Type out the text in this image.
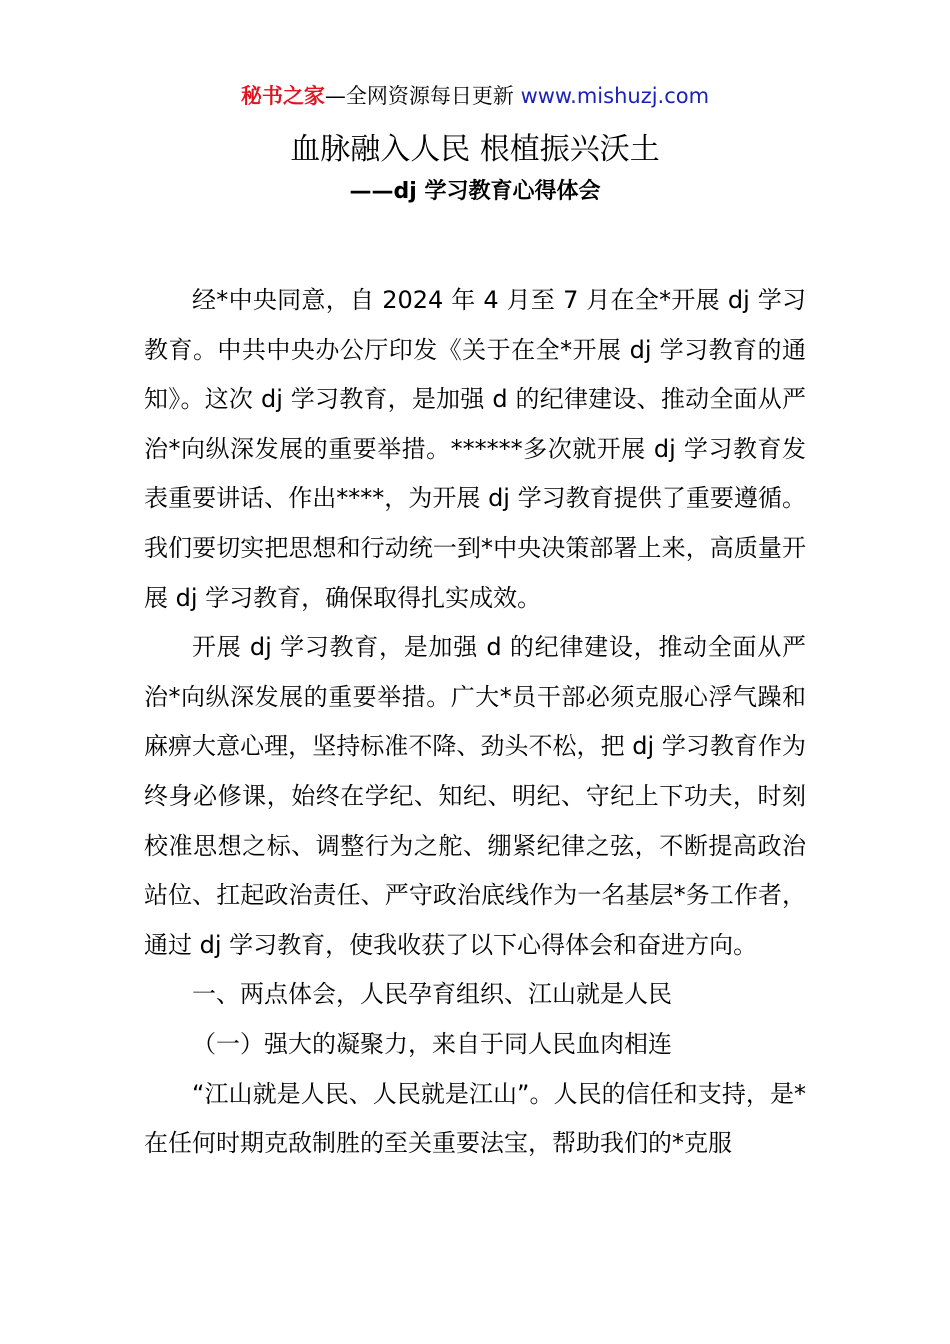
秘书之家—全网资源每日更新 www.mishuzj.com
血脉融入人民 根植振兴沃土
——dj 学习教育心得体会

经*中央同意，自 2024 年 4 月至 7 月在全*开展 dj 学习教育。中共中央办公厅印发《关于在全*开展 dj 学习教育的通知》。这次 dj 学习教育，是加强 d 的纪律建设、推动全面从严治*向纵深发展的重要举措。******多次就开展 dj 学习教育发表重要讲话、作出****，为开展 dj 学习教育提供了重要遵循。我们要切实把思想和行动统一到*中央决策部署上来，高质量开展 dj 学习教育，确保取得扎实成效。

开展 dj 学习教育，是加强 d 的纪律建设，推动全面从严治*向纵深发展的重要举措。广大*员干部必须克服心浮气躁和麻痹大意心理，坚持标准不降、劲头不松，把 dj 学习教育作为终身必修课，始终在学纪、知纪、明纪、守纪上下功夫，时刻校准思想之标、调整行为之舵、绷紧纪律之弦，不断提高政治站位、扛起政治责任、严守政治底线作为一名基层*务工作者，通过 dj 学习教育，使我收获了以下心得体会和奋进方向。

一、两点体会，人民孕育组织、江山就是人民

（一）强大的凝聚力，来自于同人民血肉相连

“江山就是人民、人民就是江山”。人民的信任和支持，是*在任何时期克敌制胜的至关重要法宝，帮助我们的*克服
